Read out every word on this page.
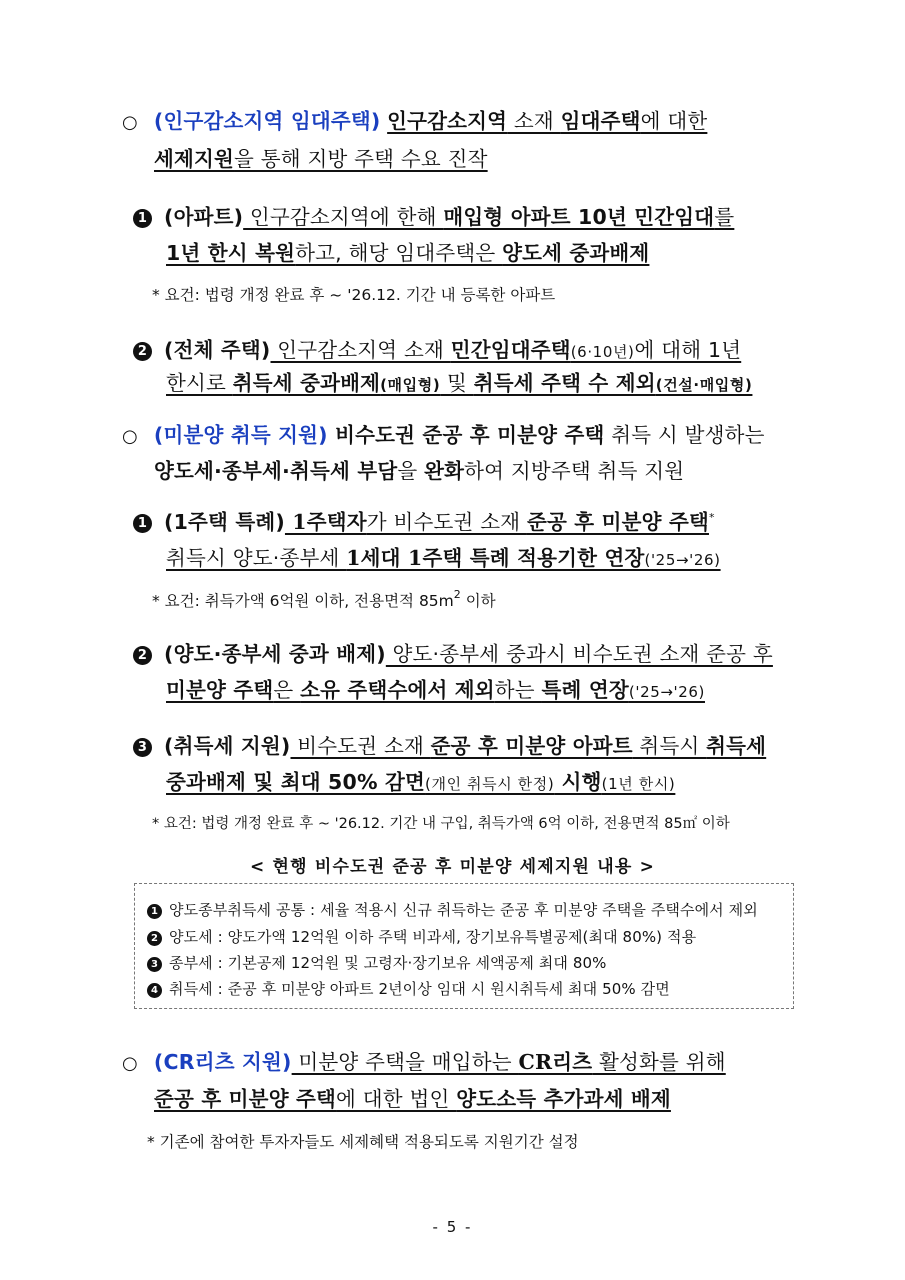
○ (인구감소지역 임대주택) 인구감소지역 소재 임대주택에 대한
세제지원을 통해 지방 주택 수요 진작
1 (아파트) 인구감소지역에 한해 매입형 아파트 10년 민간임대를
1년 한시 복원하고, 해당 임대주택은 양도세 중과배제
* 요건: 법령 개정 완료 후 ~ '26.12. 기간 내 등록한 아파트
2 (전체 주택) 인구감소지역 소재 민간임대주택(6·10년)에 대해 1년
한시로 취득세 중과배제(매입형) 및 취득세 주택 수 제외(건설·매입형)
○ (미분양 취득 지원) 비수도권 준공 후 미분양 주택 취득 시 발생하는
양도세·종부세·취득세 부담을 완화하여 지방주택 취득 지원
1 (1주택 특례) 1주택자가 비수도권 소재 준공 후 미분양 주택*
취득시 양도·종부세 1세대 1주택 특례 적용기한 연장('25→'26)
* 요건: 취득가액 6억원 이하, 전용면적 $85m^2$ 이하
2 (양도·종부세 중과 배제) 양도·종부세 중과시 비수도권 소재 준공 후
미분양 주택은 소유 주택수에서 제외하는 특례 연장('25→'26)
3 (취득세 지원) 비수도권 소재 준공 후 미분양 아파트 취득시 취득세
중과배제 및 최대 50% 감면(개인 취득시 한정) 시행(1년 한시)
* 요건: 법령 개정 완료 후 ~ '26.12. 기간 내 구입, 취득가액 6억 이하, 전용면적 85㎡ 이하
< 현행 비수도권 준공 후 미분양 세제지원 내용 >
1 양도종부취득세 공통 : 세율 적용시 신규 취득하는 준공 후 미분양 주택을 주택수에서 제외
2 양도세 : 양도가액 12억원 이하 주택 비과세, 장기보유특별공제(최대 80%) 적용
3 종부세 : 기본공제 12억원 및 고령자·장기보유 세액공제 최대 80%
4 취득세 : 준공 후 미분양 아파트 2년이상 임대 시 원시취득세 최대 50% 감면
○ (CR리츠 지원) 미분양 주택을 매입하는 CR리츠 활성화를 위해
준공 후 미분양 주택에 대한 법인 양도소득 추가과세 배제
* 기존에 참여한 투자자들도 세제혜택 적용되도록 지원기간 설정
- 5 -
